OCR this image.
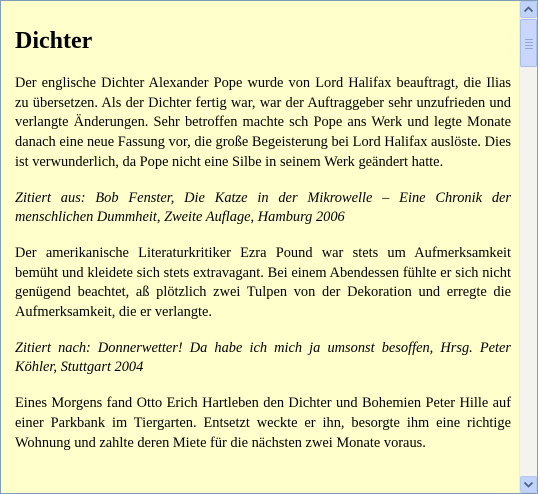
Dichter

Der englische Dichter Alexander Pope wurde von Lord Halifax beauftragt, die Ilias zu übersetzen. Als der Dichter fertig war, war der Auftraggeber sehr unzufrieden und verlangte Änderungen. Sehr betroffen machte sch Pope ans Werk und legte Monate danach eine neue Fassung vor, die große Begeisterung bei Lord Halifax auslöste. Dies ist verwunderlich, da Pope nicht eine Silbe in seinem Werk geändert hatte.

Zitiert aus: Bob Fenster, Die Katze in der Mikrowelle – Eine Chronik der menschlichen Dummheit, Zweite Auflage, Hamburg 2006

Der amerikanische Literaturkritiker Ezra Pound war stets um Aufmerksamkeit bemüht und kleidete sich stets extravagant. Bei einem Abendessen fühlte er sich nicht genügend beachtet, aß plötzlich zwei Tulpen von der Dekoration und erregte die Aufmerksamkeit, die er verlangte.

Zitiert nach: Donnerwetter! Da habe ich mich ja umsonst besoffen, Hrsg. Peter Köhler, Stuttgart 2004

Eines Morgens fand Otto Erich Hartleben den Dichter und Bohemien Peter Hille auf einer Parkbank im Tiergarten. Entsetzt weckte er ihn, besorgte ihm eine richtige Wohnung und zahlte deren Miete für die nächsten zwei Monate voraus.
